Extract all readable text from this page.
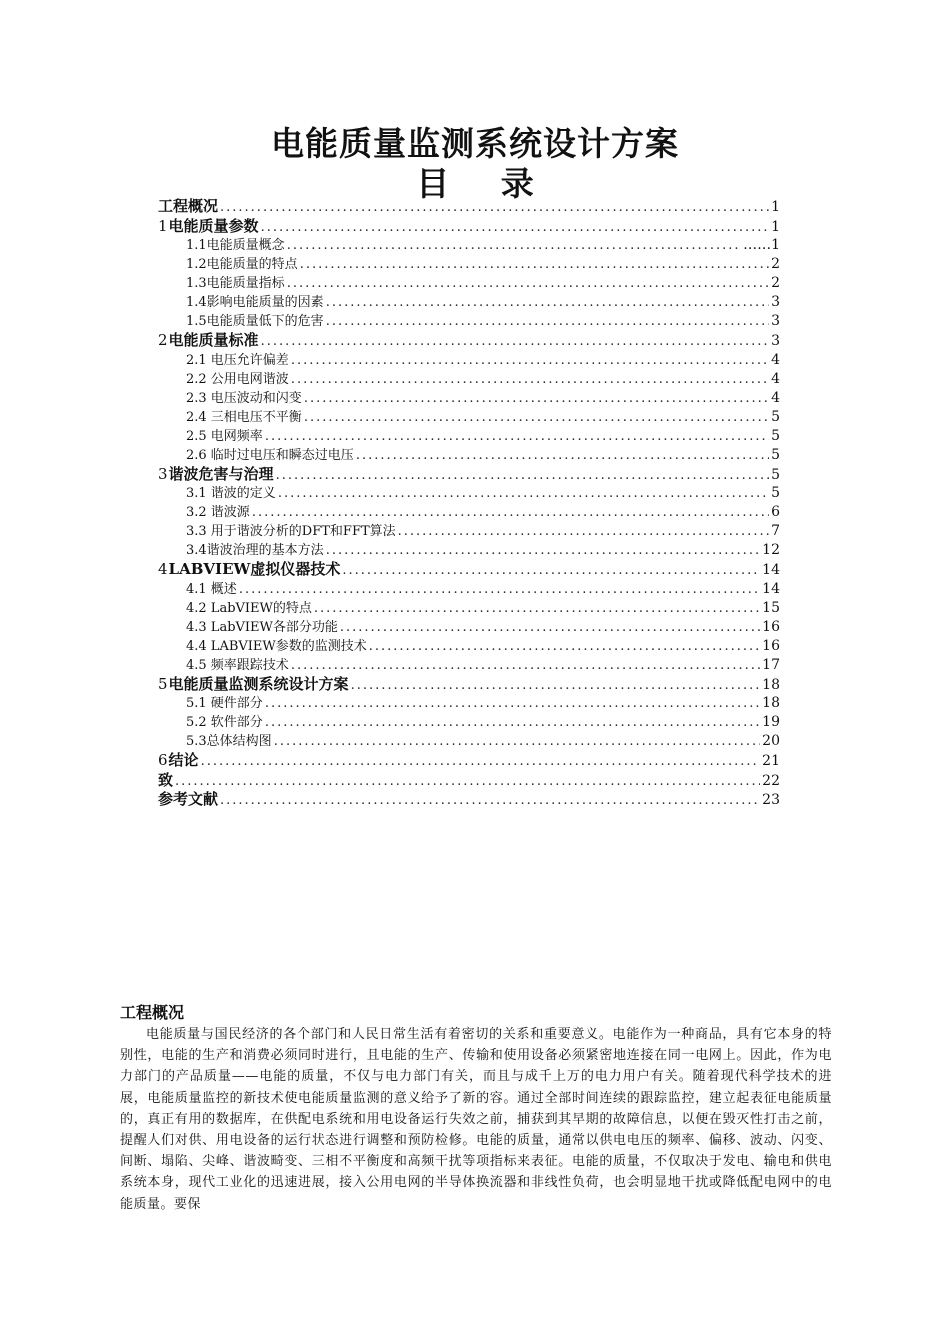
电能质量监测系统设计方案
目 录
工程概况 .....	1
1 电能质量参数 .....	1
1.1电能质量概念 .....	……1
1.2电能质量的特点 .....	2
1.3电能质量指标 .....	2
1.4影响电能质量的因素 .....	3
1.5电能质量低下的危害 .....	3
2 电能质量标准 .....	3
2.1 电压允许偏差 .....	4
2.2 公用电网谐波 .....	4
2.3 电压波动和闪变 .....	4
2.4 三相电压不平衡 .....	5
2.5 电网频率 .....	5
2.6 临时过电压和瞬态过电压 .....	5
3 谐波危害与治理 .....	5
3.1 谐波的定义 .....	5
3.2 谐波源 .....	6
3.3 用于谐波分析的DFT和FFT算法 .....	7
3.4谐波治理的基本方法 .....	12
4 LABVIEW虚拟仪器技术 .....	14
4.1 概述 .....	14
4.2 LabVIEW的特点 .....	15
4.3 LabVIEW各部分功能 .....	16
4.4 LABVIEW参数的监测技术 .....	16
4.5 频率跟踪技术 .....	17
5 电能质量监测系统设计方案 .....	18
5.1 硬件部分 .....	18
5.2 软件部分 .....	19
5.3总体结构图 .....	20
6 结论 .....	21
致 .....	22
参考文献 .....	23
工程概况

电能质量与国民经济的各个部门和人民日常生活有着密切的关系和重要意义。电能作为一种商品，具有它本身的特别性，电能的生产和消费必须同时进行，且电能的生产、传输和使用设备必须紧密地连接在同一电网上。因此，作为电力部门的产品质量——电能的质量，不仅与电力部门有关，而且与成千上万的电力用户有关。随着现代科学技术的进展，电能质量监控的新技术使电能质量监测的意义给予了新的容。通过全部时间连续的跟踪监控，建立起表征电能质量的，真正有用的数据库，在供配电系统和用电设备运行失效之前，捕获到其早期的故障信息，以便在毁灭性打击之前，提醒人们对供、用电设备的运行状态进行调整和预防检修。电能的质量，通常以供电电压的频率、偏移、波动、闪变、间断、塌陷、尖峰、谐波畸变、三相不平衡度和高频干扰等项指标来表征。电能的质量，不仅取决于发电、输电和供电系统本身，现代工业化的迅速进展，接入公用电网的半导体换流器和非线性负荷，也会明显地干扰或降低配电网中的电能质量。要保
